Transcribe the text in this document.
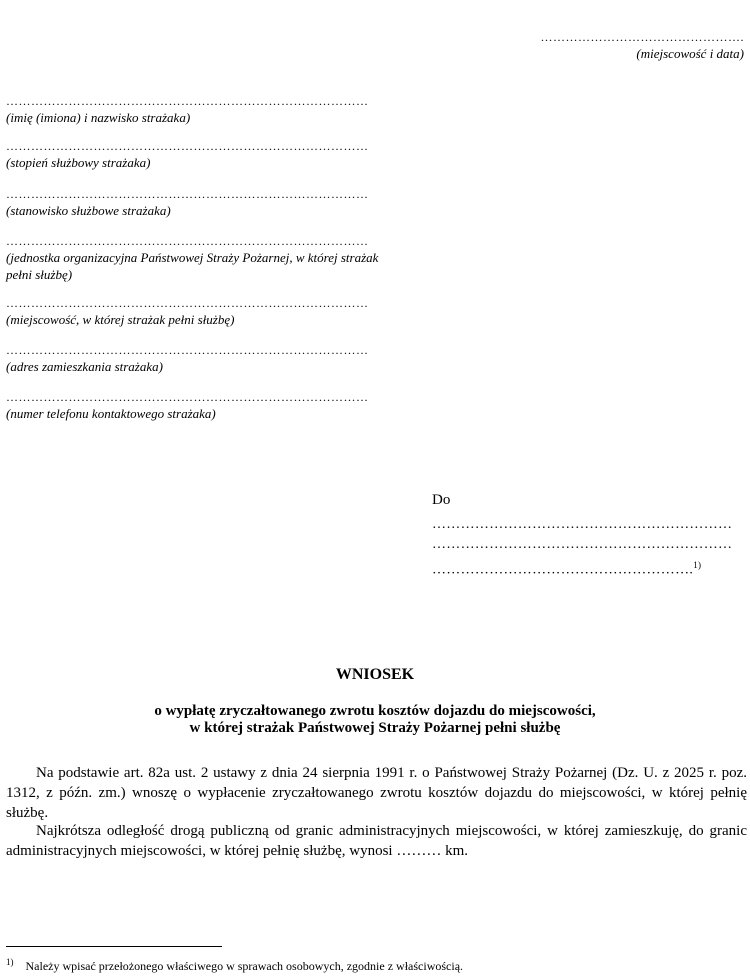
………………………………………….
(miejscowość i data)
……………………………………………………………………………
(imię (imiona) i nazwisko strażaka)
……………………………………………………………………………
(stopień służbowy strażaka)
……………………………………………………………………………
(stanowisko służbowe strażaka)
……………………………………………………………………………
(jednostka organizacyjna Państwowej Straży Pożarnej, w której strażak pełni służbę)
……………………………………………………………………………
(miejscowość, w której strażak pełni służbę)
……………………………………………………………………………
(adres zamieszkania strażaka)
……………………………………………………………………………
(numer telefonu kontaktowego strażaka)
Do
………………………………………………………
………………………………………………………
……………………………………………….$^{1)}$
WNIOSEK
o wypłatę zryczałtowanego zwrotu kosztów dojazdu do miejscowości,
w której strażak Państwowej Straży Pożarnej pełni służbę
Na podstawie art. 82a ust. 2 ustawy z dnia 24 sierpnia 1991 r. o Państwowej Straży Pożarnej (Dz. U. z 2025 r. poz. 1312, z późn. zm.) wnoszę o wypłacenie zryczałtowanego zwrotu kosztów dojazdu do miejscowości, w której pełnię służbę.
Najkrótsza odległość drogą publiczną od granic administracyjnych miejscowości, w której zamieszkuję, do granic administracyjnych miejscowości, w której pełnię służbę, wynosi ……… km.
$^{1)}$ Należy wpisać przełożonego właściwego w sprawach osobowych, zgodnie z właściwością.
